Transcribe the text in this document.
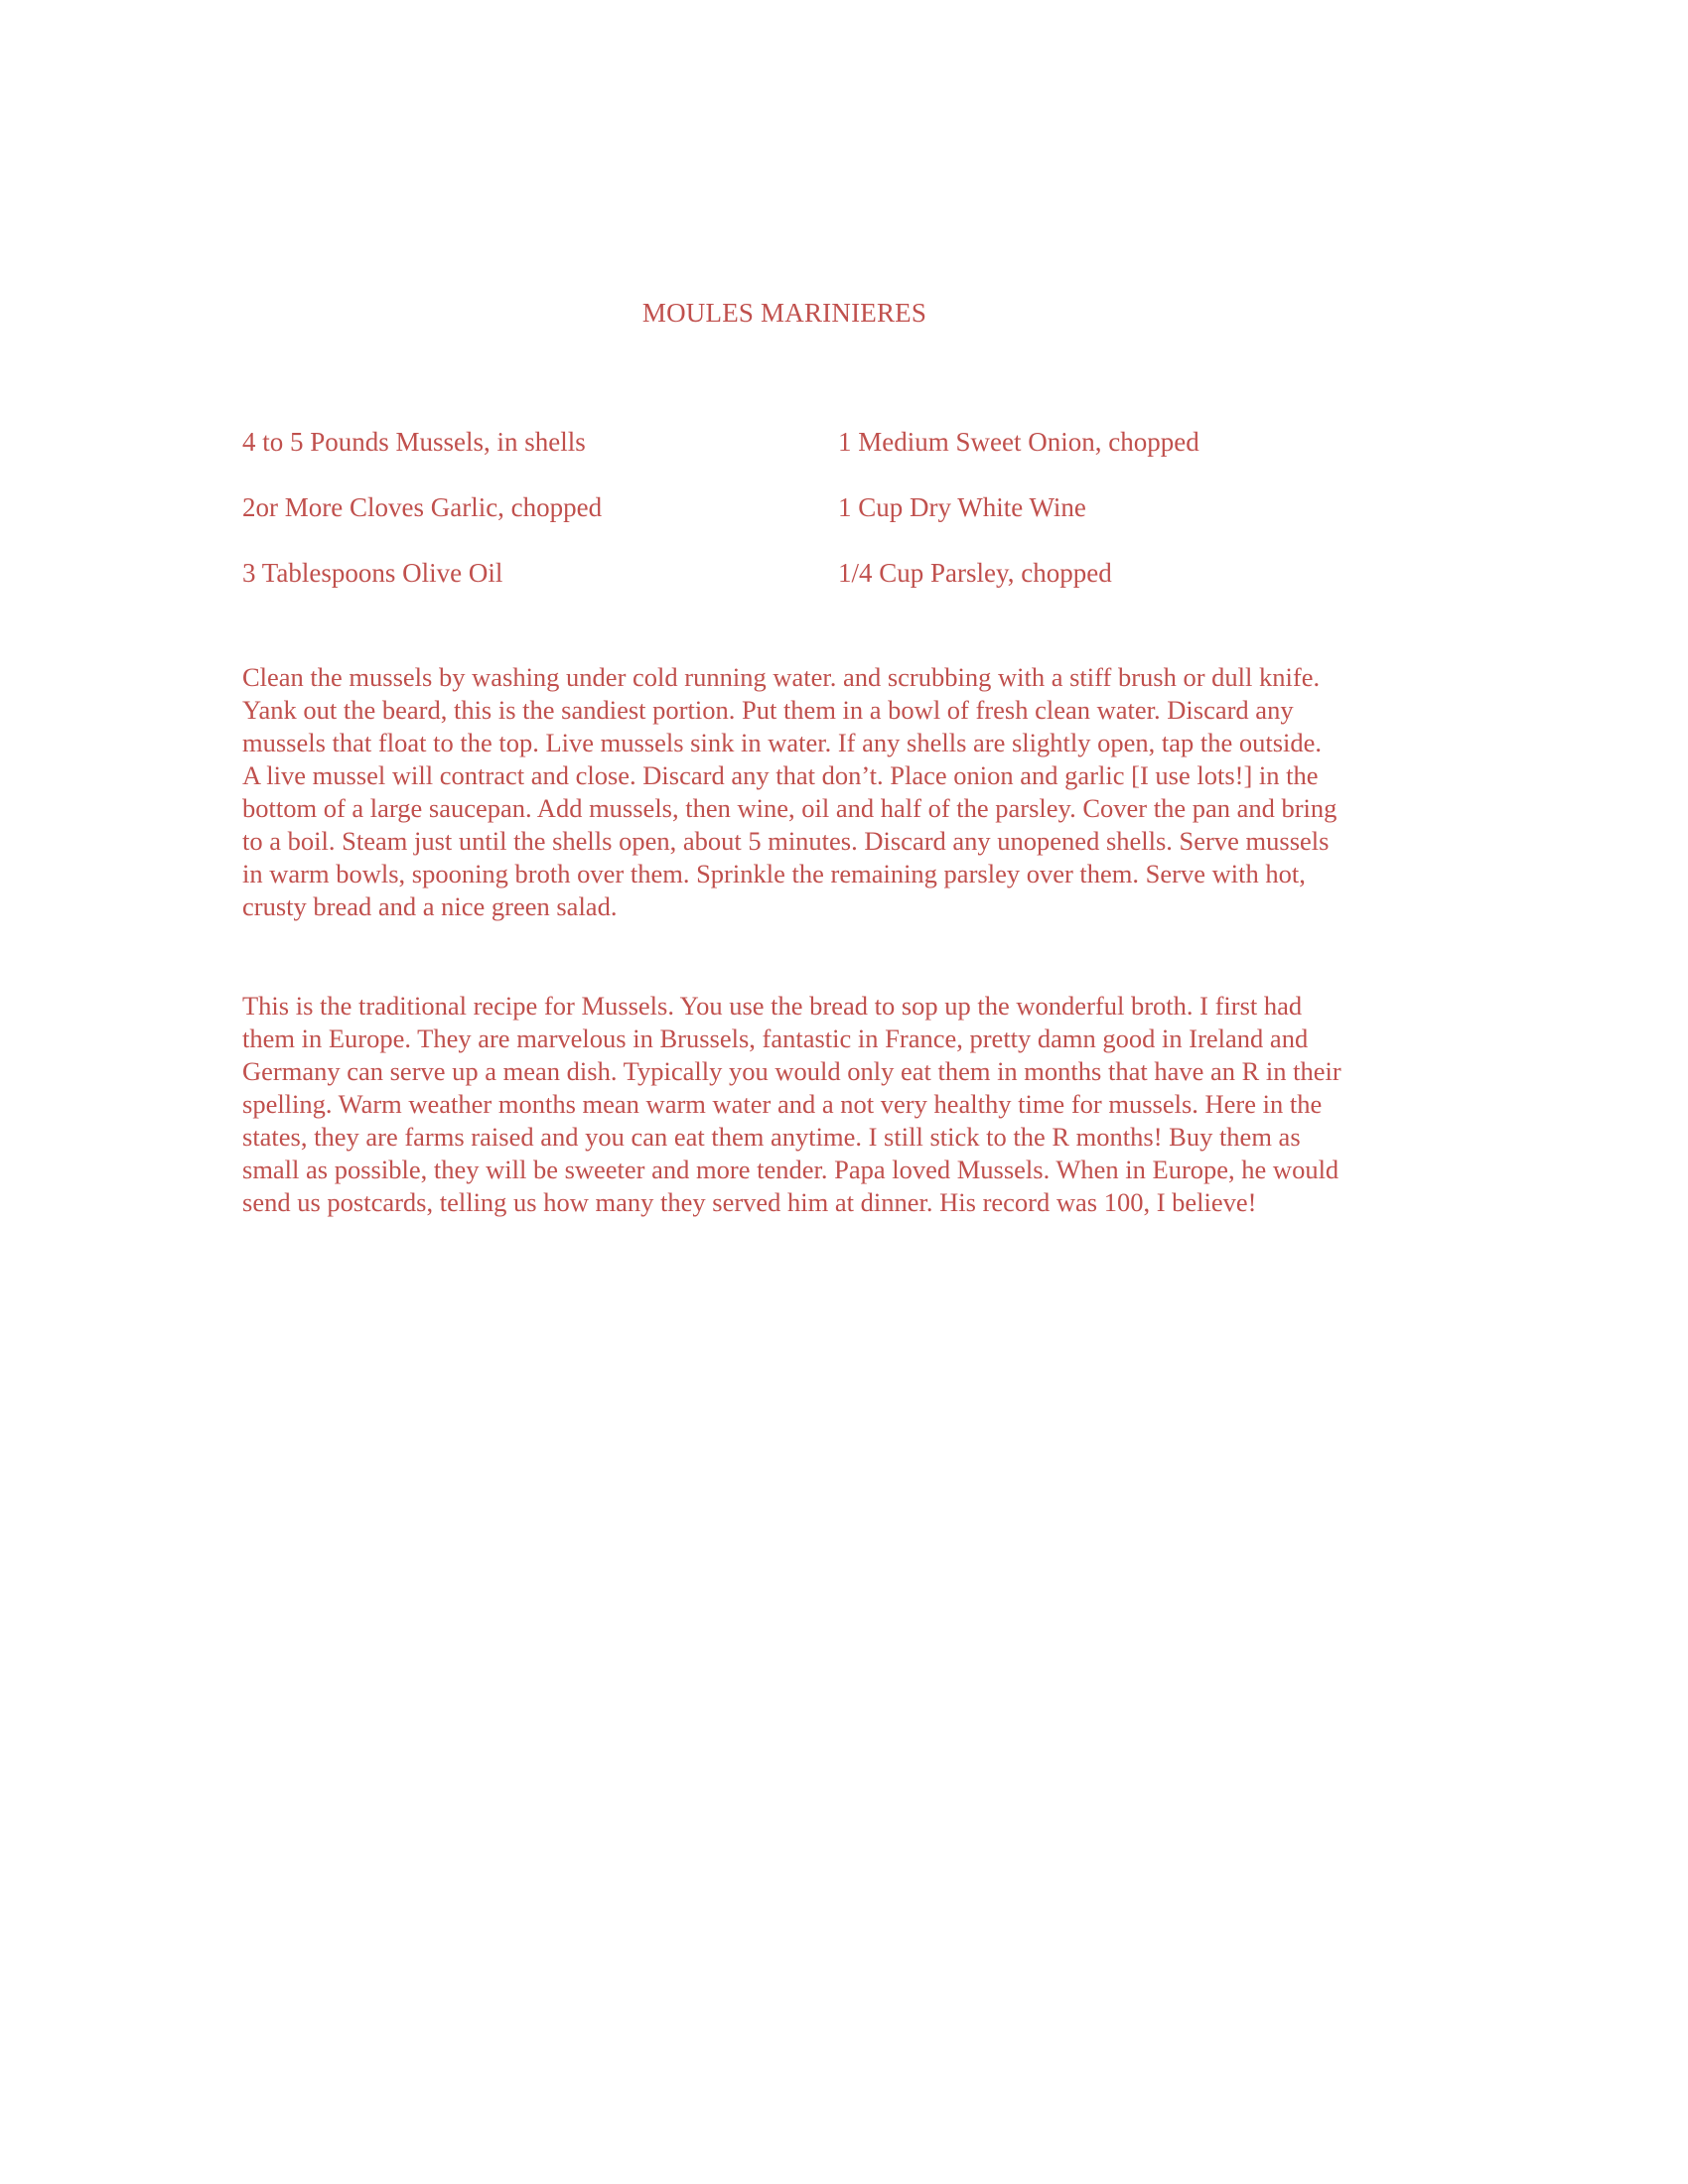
MOULES MARINIERES
4 to 5 Pounds Mussels, in shells	1 Medium Sweet Onion, chopped
2or More Cloves Garlic, chopped	1 Cup Dry White Wine
3 Tablespoons Olive Oil	1/4 Cup Parsley, chopped

Clean the mussels by washing under cold running water. and scrubbing with a stiff brush or dull knife.

Yank out the beard, this is the sandiest portion. Put them in a bowl of fresh clean water. Discard any

mussels that float to the top. Live mussels sink in water. If any shells are slightly open, tap the outside.

A live mussel will contract and close. Discard any that don’t. Place onion and garlic [I use lots!] in the

bottom of a large saucepan. Add mussels, then wine, oil and half of the parsley. Cover the pan and bring

to a boil. Steam just until the shells open, about 5 minutes. Discard any unopened shells. Serve mussels

in warm bowls, spooning broth over them. Sprinkle the remaining parsley over them. Serve with hot,

crusty bread and a nice green salad.

This is the traditional recipe for Mussels. You use the bread to sop up the wonderful broth. I first had

them in Europe. They are marvelous in Brussels, fantastic in France, pretty damn good in Ireland and

Germany can serve up a mean dish. Typically you would only eat them in months that have an R in their

spelling. Warm weather months mean warm water and a not very healthy time for mussels. Here in the

states, they are farms raised and you can eat them anytime. I still stick to the R months! Buy them as

small as possible, they will be sweeter and more tender. Papa loved Mussels. When in Europe, he would

send us postcards, telling us how many they served him at dinner. His record was 100, I believe!
